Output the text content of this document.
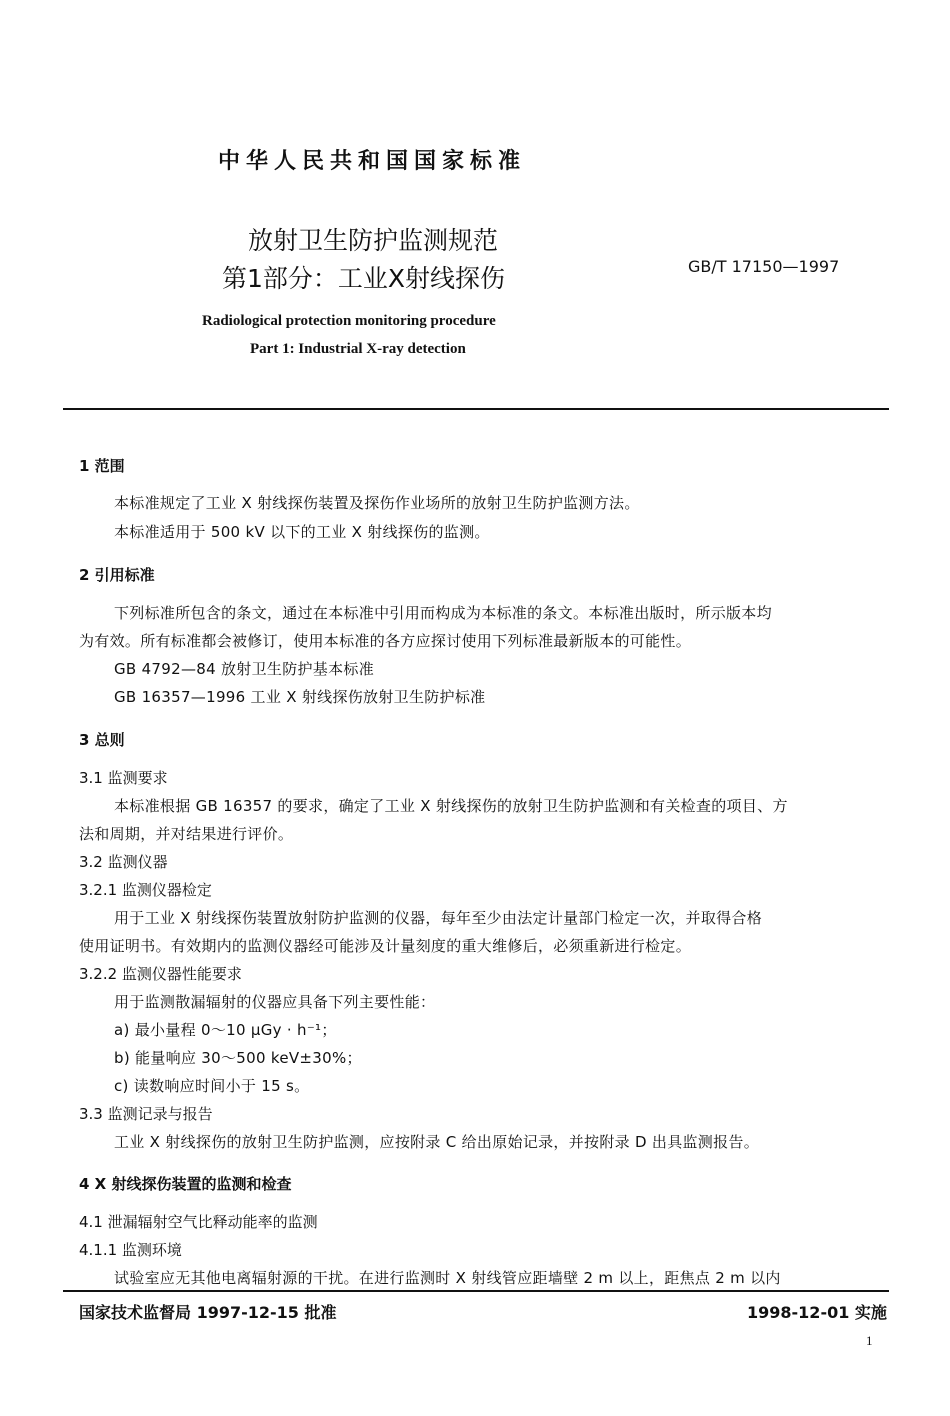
中华人民共和国国家标准
放射卫生防护监测规范
第1部分：工业X射线探伤	GB/T 17150—1997
Radiological protection monitoring procedure
Part 1: Industrial X-ray detection
1 范围
本标准规定了工业 X 射线探伤装置及探伤作业场所的放射卫生防护监测方法。
本标准适用于 500 kV 以下的工业 X 射线探伤的监测。
2 引用标准
下列标准所包含的条文，通过在本标准中引用而构成为本标准的条文。本标准出版时，所示版本均
为有效。所有标准都会被修订，使用本标准的各方应探讨使用下列标准最新版本的可能性。
GB 4792—84 放射卫生防护基本标准
GB 16357—1996 工业 X 射线探伤放射卫生防护标准
3 总则
3.1 监测要求
本标准根据 GB 16357 的要求，确定了工业 X 射线探伤的放射卫生防护监测和有关检查的项目、方
法和周期，并对结果进行评价。
3.2 监测仪器
3.2.1 监测仪器检定
用于工业 X 射线探伤装置放射防护监测的仪器，每年至少由法定计量部门检定一次，并取得合格
使用证明书。有效期内的监测仪器经可能涉及计量刻度的重大维修后，必须重新进行检定。
3.2.2 监测仪器性能要求
用于监测散漏辐射的仪器应具备下列主要性能：
a) 最小量程 0～10 μGy · h⁻¹；
b) 能量响应 30～500 keV±30%；
c) 读数响应时间小于 15 s。
3.3 监测记录与报告
工业 X 射线探伤的放射卫生防护监测，应按附录 C 给出原始记录，并按附录 D 出具监测报告。
4 X 射线探伤装置的监测和检查
4.1 泄漏辐射空气比释动能率的监测
4.1.1 监测环境
试验室应无其他电离辐射源的干扰。在进行监测时 X 射线管应距墙壁 2 m 以上，距焦点 2 m 以内
国家技术监督局 1997-12-15 批准	1998-12-01 实施
1
